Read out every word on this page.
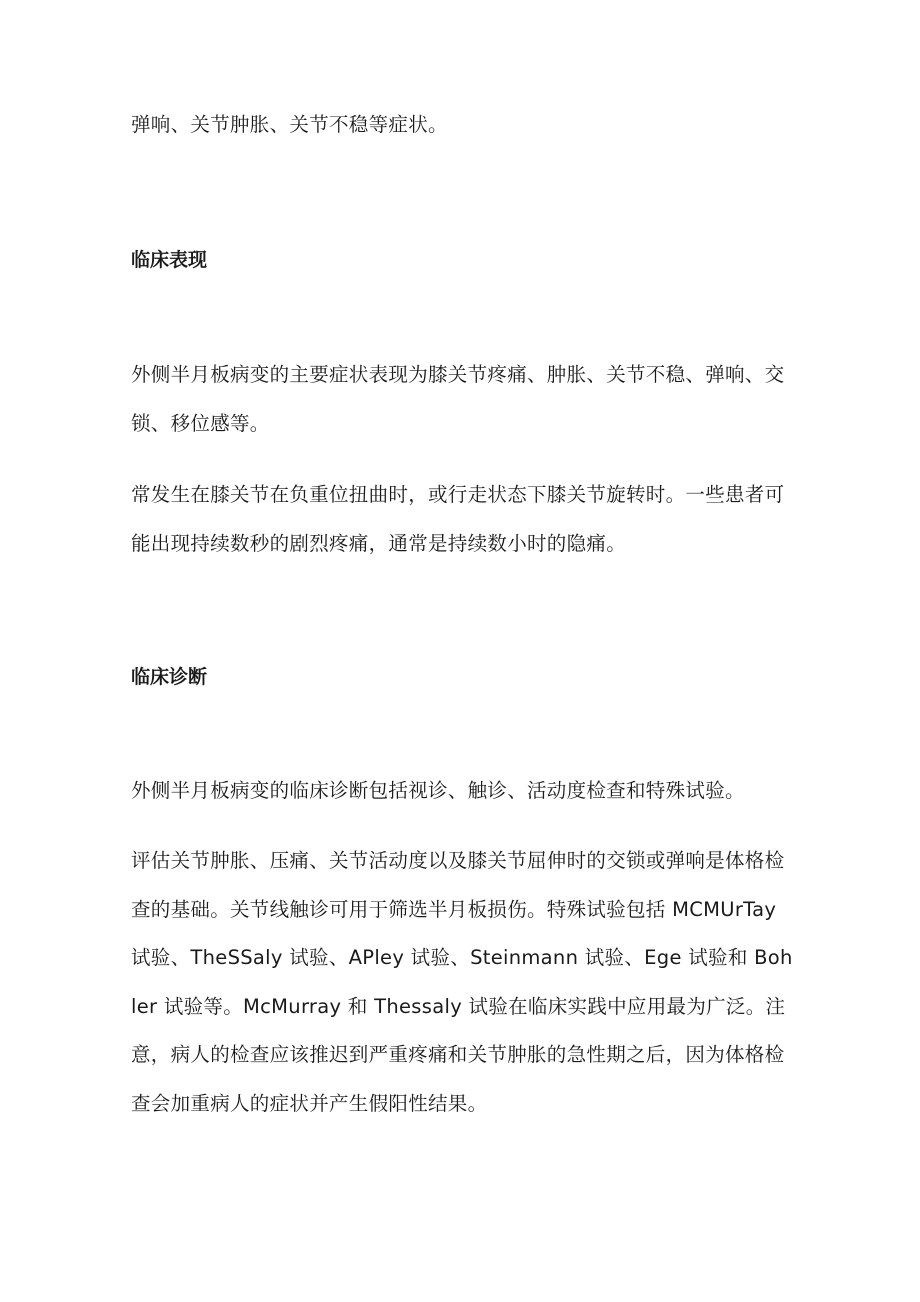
弹响、关节肿胀、关节不稳等症状。

临床表现

外侧半月板病变的主要症状表现为膝关节疼痛、肿胀、关节不稳、弹响、交锁、移位感等。

常发生在膝关节在负重位扭曲时，或行走状态下膝关节旋转时。一些患者可能出现持续数秒的剧烈疼痛，通常是持续数小时的隐痛。

临床诊断

外侧半月板病变的临床诊断包括视诊、触诊、活动度检查和特殊试验。

评估关节肿胀、压痛、关节活动度以及膝关节屈伸时的交锁或弹响是体格检查的基础。关节线触诊可用于筛选半月板损伤。特殊试验包括 MCMUrTay 试验、TheSSaly 试验、APley 试验、Steinmann 试验、Ege 试验和 Bohler 试验等。McMurray 和 Thessaly 试验在临床实践中应用最为广泛。注意，病人的检查应该推迟到严重疼痛和关节肿胀的急性期之后，因为体格检查会加重病人的症状并产生假阳性结果。
